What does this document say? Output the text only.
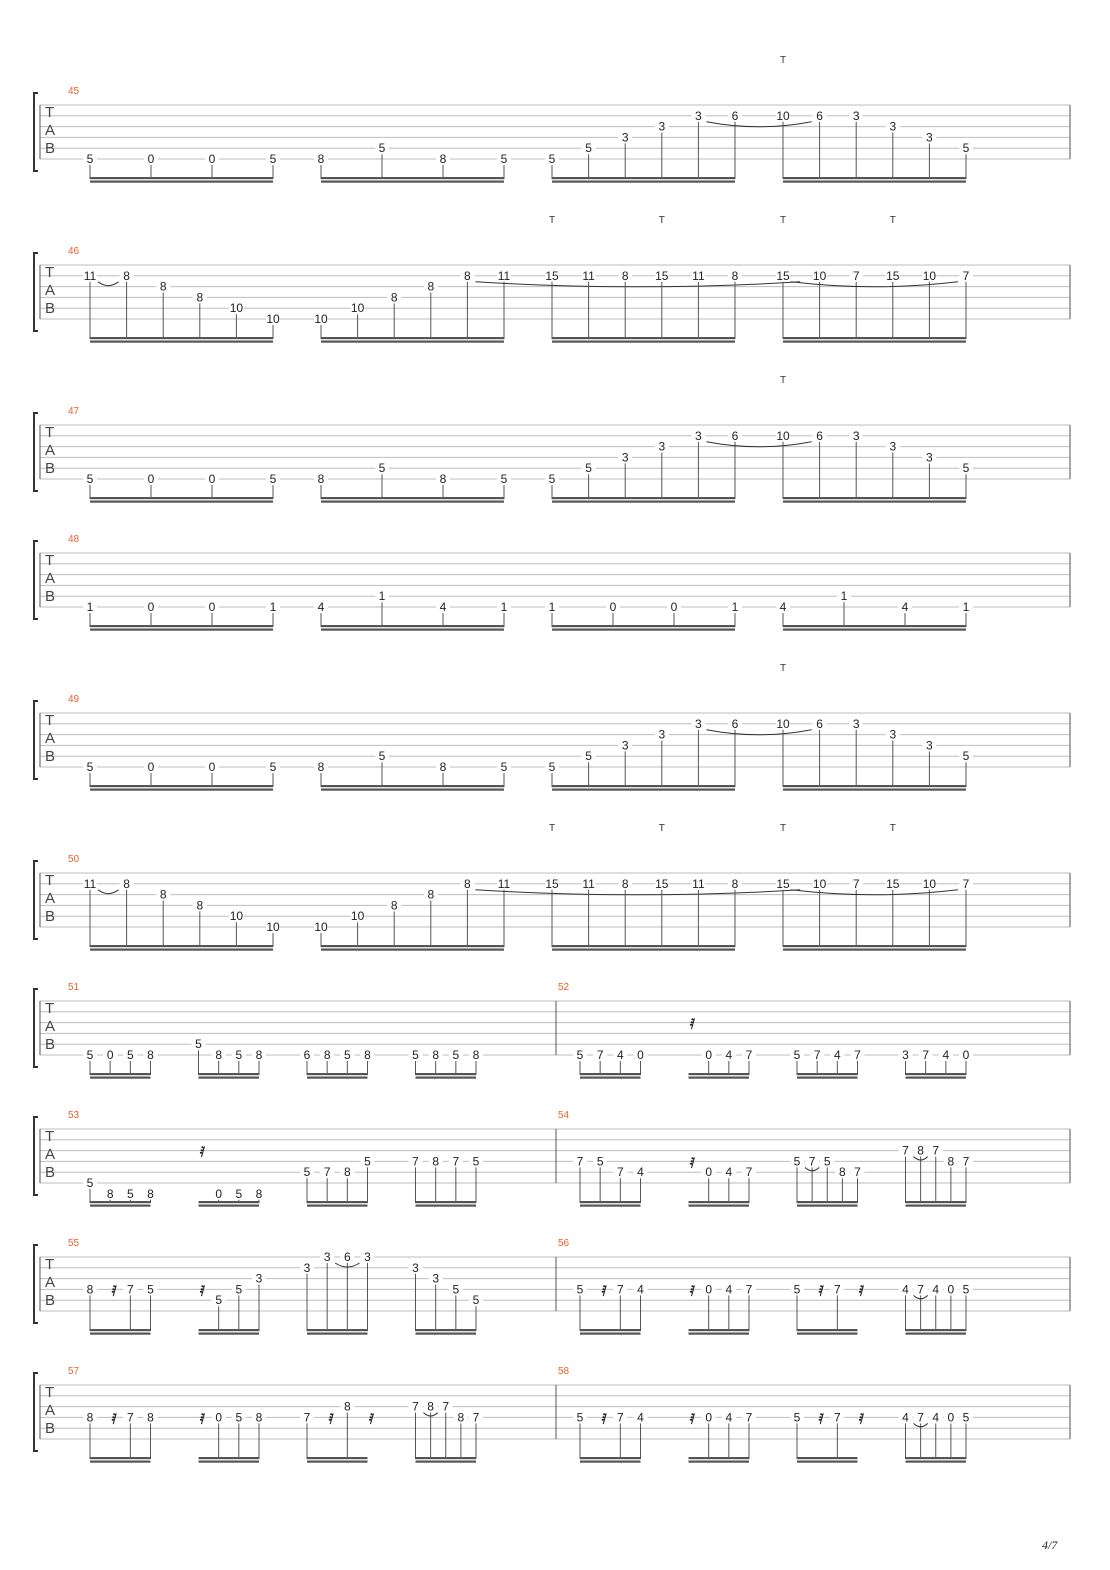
T
A
B
45
5	0	0	5	8
5
8	5	5
5
3
3
3 6	10
T
6 3
3
3
5
T
A
B
46
11 8
8
8
10
10	10
10
8
8
8 11	15
T
11 8 15
T
11 8	15
T
10 7 15
T
10 7
T
A
B
47
5	0	0	5	8
5
8	5	5
5
3
3
3 6	10
T
6 3
3
3
5
T
A
B
48
1	0	0	1	4
1
4	1	1	0	0	1	4
1
4	1
T
A
B
49
5	0	0	5	8
5
8	5	5
5
3
3
3 6	10
T
6 3
3
3
5
T
A
B
50
11 8
8
8
10
10	10
10
8
8
8 11	15
T
11 8 15
T
11 8	15
T
10 7 15
T
10 7
T
A
B
51
5 0 5 8
5
8 5 8	6 8 5 8	5 8 5 8
52
5 7 4 0
𝅀
0 4 7	5 7 4 7	3 7 4 0
T
A
B
53
5
8 5 8
𝅀
0 5 8
5 7 8
5	7 8 7 5
54
7 5
7 4
𝅀
0 4 7
5 7 5
8 7
7 8 7
8 7
T
A
B
55
8 𝅀 7 5	𝅀
5
5
3
3
3 6 3
3
3
5
5
56
5 𝅀 7 4	𝅀 0 4 7	5 𝅀 7 𝅀	4 7 4 0 5
T
A
B
57
8 𝅀 7 8	𝅀 0 5 8	7 𝅀
8
𝅀
7 8 7
8 7
58
5 𝅀 7 4	𝅀 0 4 7	5 𝅀 7 𝅀	4 7 4 0 5
4/7
